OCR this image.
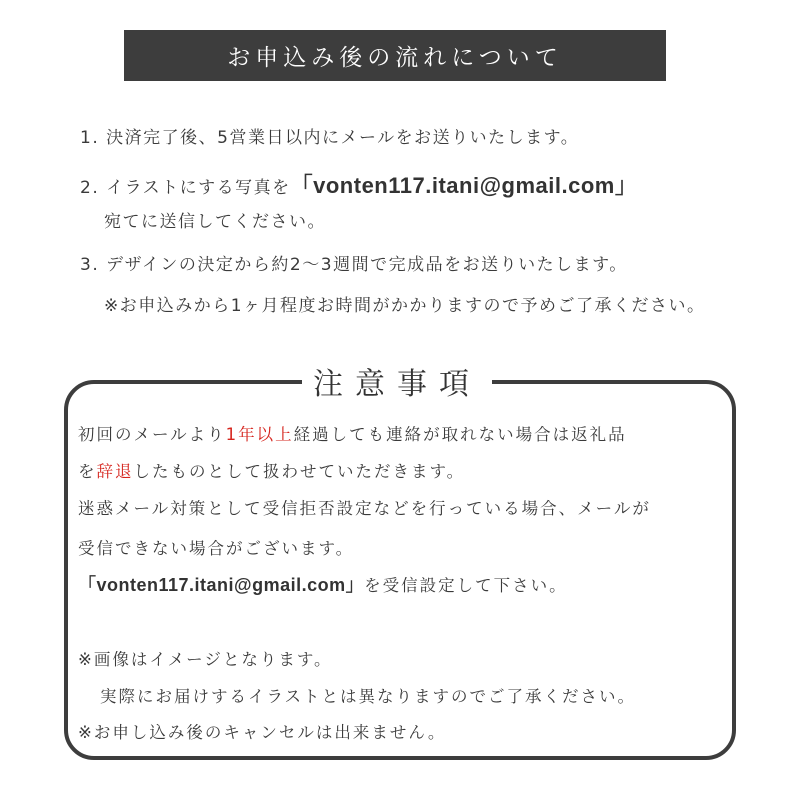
お申込み後の流れについて
1. 決済完了後、5営業日以内にメールをお送りいたします。
2. イラストにする写真を「vonten117.itani@gmail.com」
宛てに送信してください。
3. デザインの決定から約2～3週間で完成品をお送りいたします。
※お申込みから1ヶ月程度お時間がかかりますので予めご了承ください。
注意事項
初回のメールより1年以上経過しても連絡が取れない場合は返礼品
を辞退したものとして扱わせていただきます。
迷惑メール対策として受信拒否設定などを行っている場合、メールが
受信できない場合がございます。
「vonten117.itani@gmail.com」を受信設定して下さい。
※画像はイメージとなります。
実際にお届けするイラストとは異なりますのでご了承ください。
※お申し込み後のキャンセルは出来ません。
